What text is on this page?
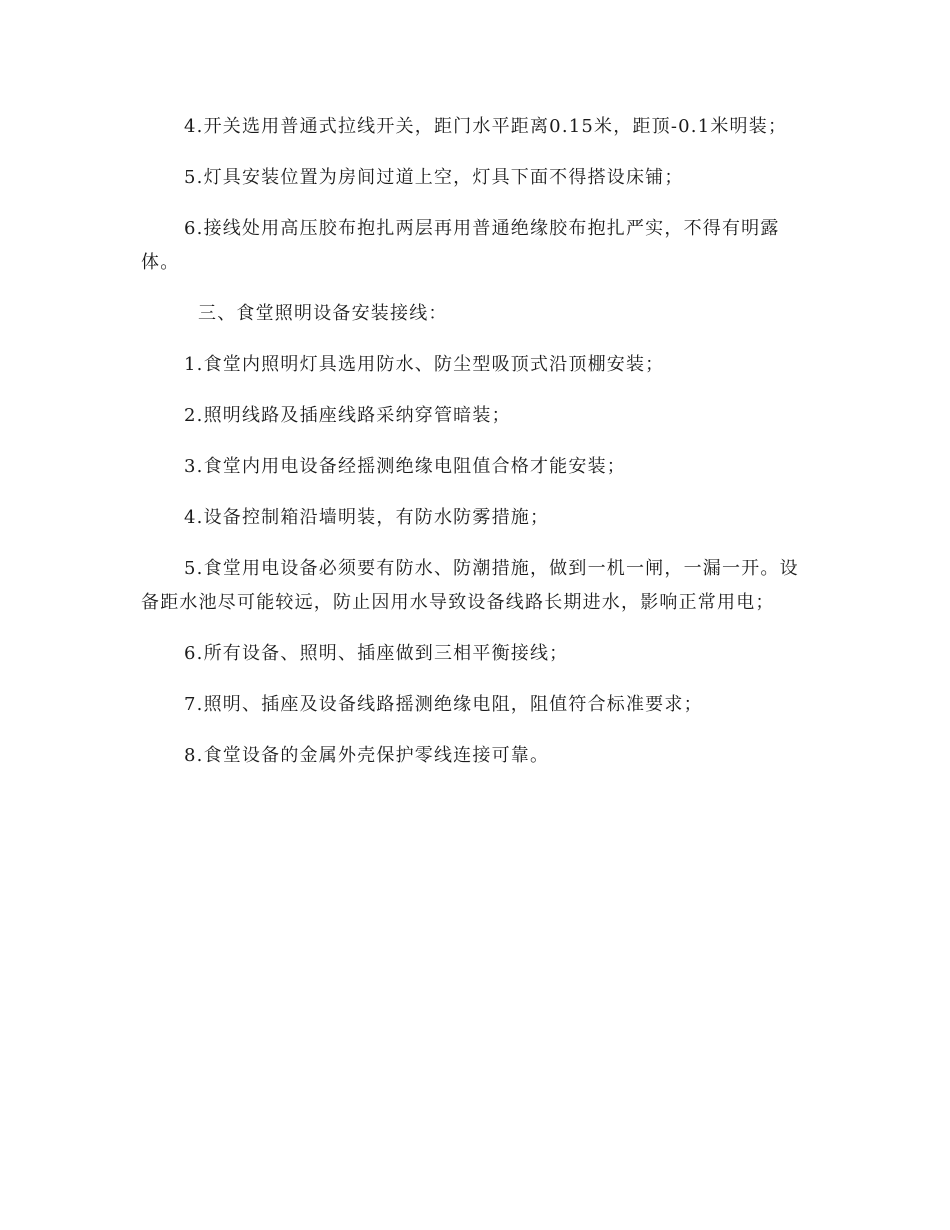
4.开关选用普通式拉线开关，距门水平距离0.15米，距顶-0.1米明装；

5.灯具安装位置为房间过道上空，灯具下面不得搭设床铺；

6.接线处用高压胶布抱扎两层再用普通绝缘胶布抱扎严实，不得有明露体。

三、食堂照明设备安装接线：

1.食堂内照明灯具选用防水、防尘型吸顶式沿顶棚安装；

2.照明线路及插座线路采纳穿管暗装；

3.食堂内用电设备经摇测绝缘电阻值合格才能安装；

4.设备控制箱沿墙明装，有防水防雾措施；

5.食堂用电设备必须要有防水、防潮措施，做到一机一闸，一漏一开。设备距水池尽可能较远，防止因用水导致设备线路长期进水，影响正常用电；

6.所有设备、照明、插座做到三相平衡接线；

7.照明、插座及设备线路摇测绝缘电阻，阻值符合标准要求；

8.食堂设备的金属外壳保护零线连接可靠。
